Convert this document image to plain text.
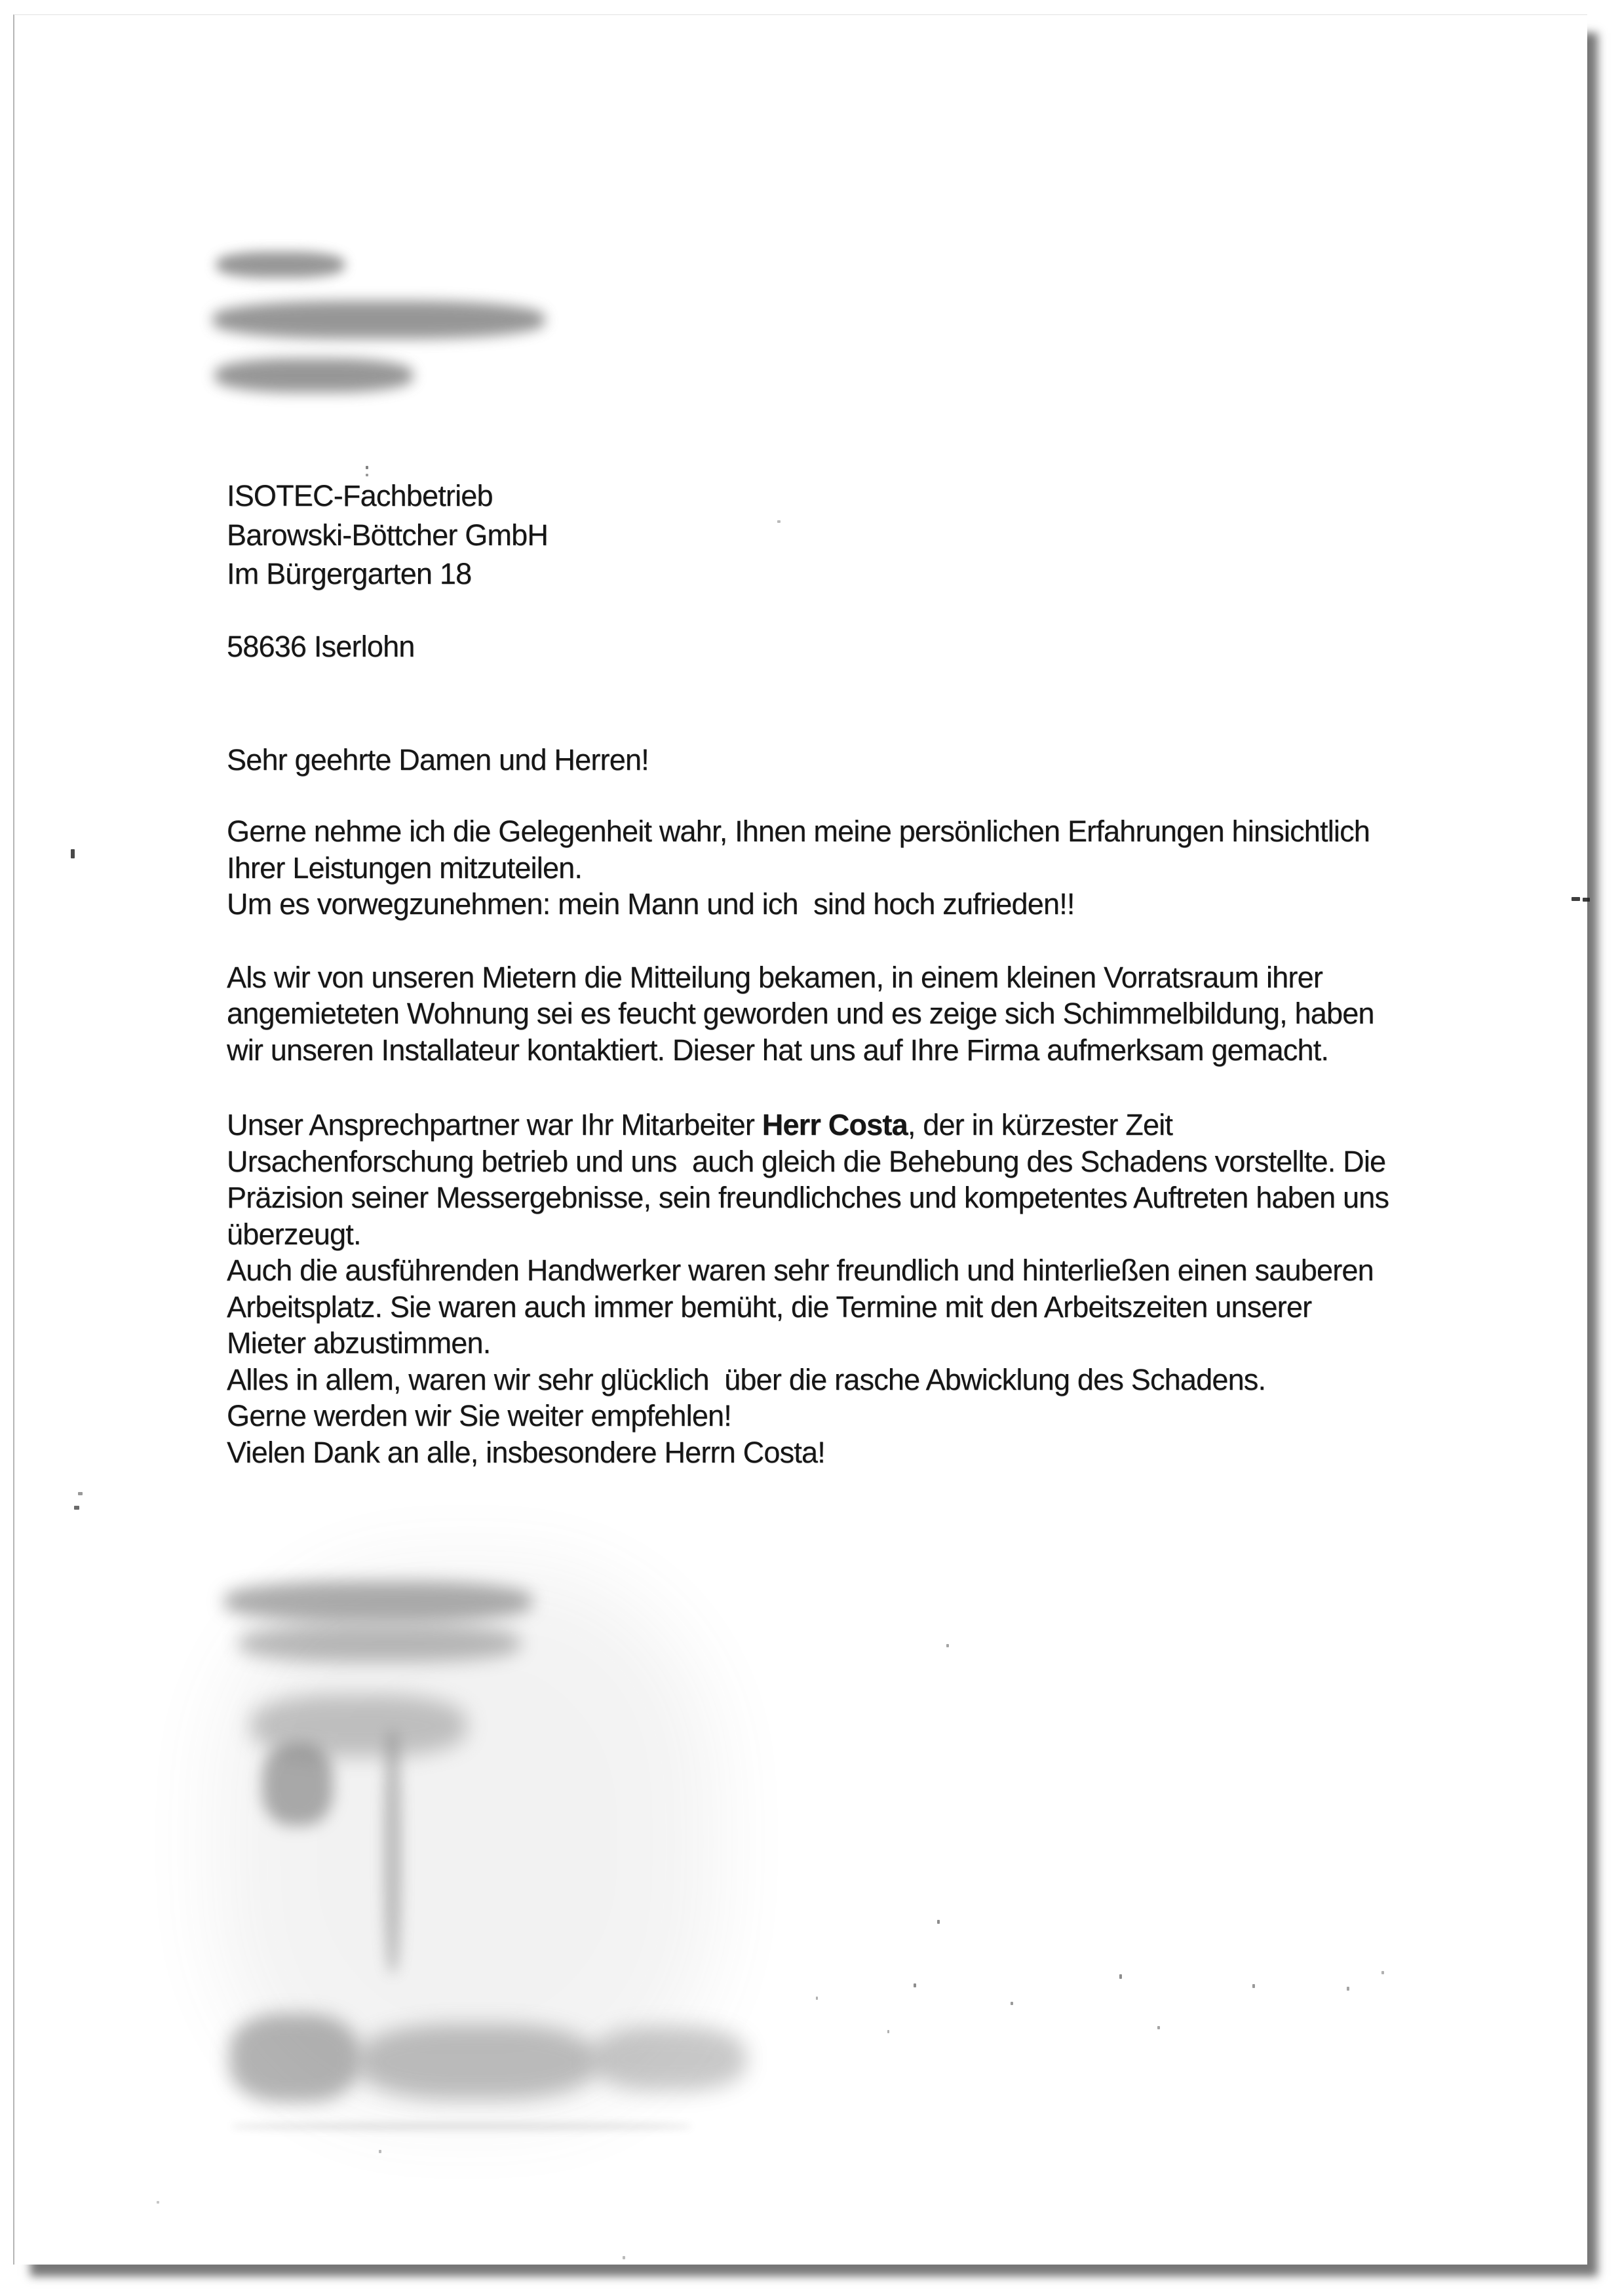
ISOTEC-Fachbetrieb
Barowski-Böttcher GmbH
Im Bürgergarten 18
58636 Iserlohn
Sehr geehrte Damen und Herren!
Gerne nehme ich die Gelegenheit wahr, Ihnen meine persönlichen Erfahrungen hinsichtlich
Ihrer Leistungen mitzuteilen.
Um es vorwegzunehmen: mein Mann und ich  sind hoch zufrieden!!
Als wir von unseren Mietern die Mitteilung bekamen, in einem kleinen Vorratsraum ihrer
angemieteten Wohnung sei es feucht geworden und es zeige sich Schimmelbildung, haben
wir unseren Installateur kontaktiert. Dieser hat uns auf Ihre Firma aufmerksam gemacht.
Unser Ansprechpartner war Ihr Mitarbeiter Herr Costa, der in kürzester Zeit
Ursachenforschung betrieb und uns  auch gleich die Behebung des Schadens vorstellte. Die
Präzision seiner Messergebnisse, sein freundlichches und kompetentes Auftreten haben uns
überzeugt.
Auch die ausführenden Handwerker waren sehr freundlich und hinterließen einen sauberen
Arbeitsplatz. Sie waren auch immer bemüht, die Termine mit den Arbeitszeiten unserer
Mieter abzustimmen.
Alles in allem, waren wir sehr glücklich  über die rasche Abwicklung des Schadens.
Gerne werden wir Sie weiter empfehlen!
Vielen Dank an alle, insbesondere Herrn Costa!
